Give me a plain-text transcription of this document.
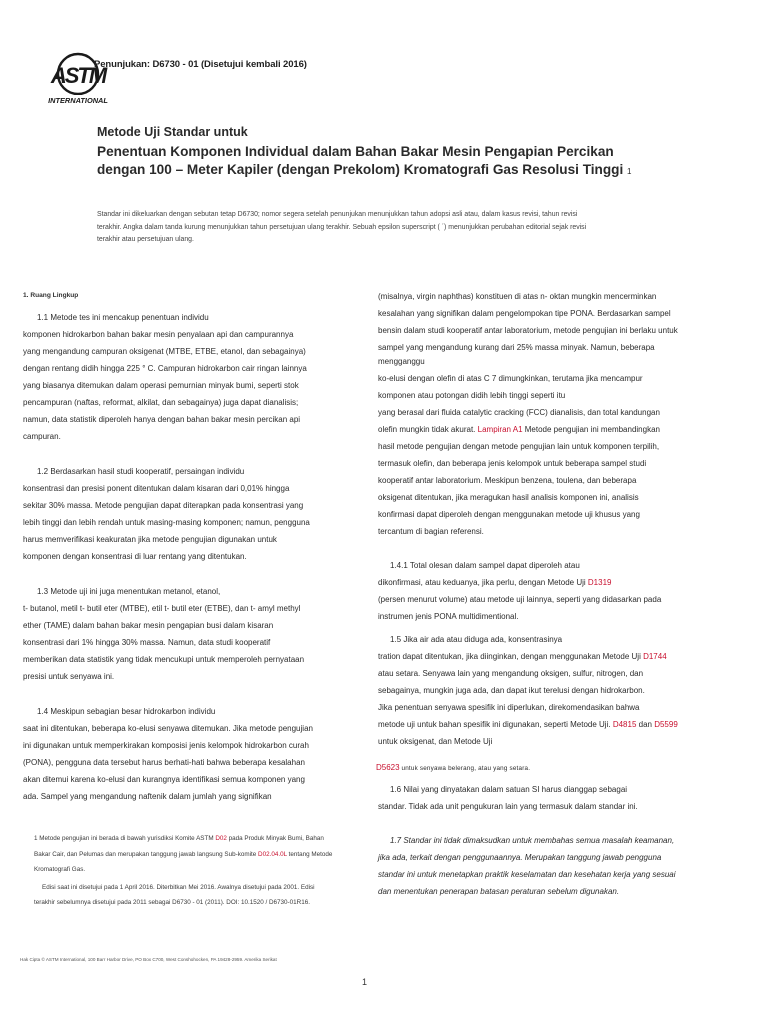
ASTM
INTERNATIONAL
Penunjukan: D6730 - 01 (Disetujui kembali 2016)
Metode Uji Standar untuk
Penentuan Komponen Individual dalam Bahan Bakar Mesin Pengapian Percikan
dengan 100 – Meter Kapiler (dengan Prekolom) Kromatografi Gas Resolusi Tinggi 1
Standar ini dikeluarkan dengan sebutan tetap D6730; nomor segera setelah penunjukan menunjukkan tahun adopsi asli atau, dalam kasus revisi, tahun revisi
terakhir. Angka dalam tanda kurung menunjukkan tahun persetujuan ulang terakhir. Sebuah epsilon superscript ( ´) menunjukkan perubahan editorial sejak revisi
terakhir atau persetujuan ulang.
1. Ruang Lingkup
1.1 Metode tes ini mencakup penentuan individu
komponen hidrokarbon bahan bakar mesin penyalaan api dan campurannya
yang mengandung campuran oksigenat (MTBE, ETBE, etanol, dan sebagainya)
dengan rentang didih hingga 225 ° C. Campuran hidrokarbon cair ringan lainnya
yang biasanya ditemukan dalam operasi pemurnian minyak bumi, seperti stok
pencampuran (naftas, reformat, alkilat, dan sebagainya) juga dapat dianalisis;
namun, data statistik diperoleh hanya dengan bahan bakar mesin percikan api
campuran.
1.2 Berdasarkan hasil studi kooperatif, persaingan individu
konsentrasi dan presisi ponent ditentukan dalam kisaran dari 0,01% hingga
sekitar 30% massa. Metode pengujian dapat diterapkan pada konsentrasi yang
lebih tinggi dan lebih rendah untuk masing-masing komponen; namun, pengguna
harus memverifikasi keakuratan jika metode pengujian digunakan untuk
komponen dengan konsentrasi di luar rentang yang ditentukan.
1.3 Metode uji ini juga menentukan metanol, etanol,
t- butanol, metil t- butil eter (MTBE), etil t- butil eter (ETBE), dan t- amyl methyl
ether (TAME) dalam bahan bakar mesin pengapian busi dalam kisaran
konsentrasi dari 1% hingga 30% massa. Namun, data studi kooperatif
memberikan data statistik yang tidak mencukupi untuk memperoleh pernyataan
presisi untuk senyawa ini.
1.4 Meskipun sebagian besar hidrokarbon individu
saat ini ditentukan, beberapa ko-elusi senyawa ditemukan. Jika metode pengujian
ini digunakan untuk memperkirakan komposisi jenis kelompok hidrokarbon curah
(PONA), pengguna data tersebut harus berhati-hati bahwa beberapa kesalahan
akan ditemui karena ko-elusi dan kurangnya identifikasi semua komponen yang
ada. Sampel yang mengandung naftenik dalam jumlah yang signifikan
(misalnya, virgin naphthas) konstituen di atas n- oktan mungkin mencerminkan
kesalahan yang signifikan dalam pengelompokan tipe PONA. Berdasarkan sampel
bensin dalam studi kooperatif antar laboratorium, metode pengujian ini berlaku untuk
sampel yang mengandung kurang dari 25% massa minyak. Namun, beberapa
mengganggu
ko-elusi dengan olefin di atas C 7 dimungkinkan, terutama jika mencampur
komponen atau potongan didih lebih tinggi seperti itu
yang berasal dari fluida catalytic cracking (FCC) dianalisis, dan total kandungan
olefin mungkin tidak akurat. Lampiran A1 Metode pengujian ini membandingkan
hasil metode pengujian dengan metode pengujian lain untuk komponen terpilih,
termasuk olefin, dan beberapa jenis kelompok untuk beberapa sampel studi
kooperatif antar laboratorium. Meskipun benzena, toulena, dan beberapa
oksigenat ditentukan, jika meragukan hasil analisis komponen ini, analisis
konfirmasi dapat diperoleh dengan menggunakan metode uji khusus yang
tercantum di bagian referensi.
1.4.1 Total olesan dalam sampel dapat diperoleh atau
dikonfirmasi, atau keduanya, jika perlu, dengan Metode Uji D1319
(persen menurut volume) atau metode uji lainnya, seperti yang didasarkan pada
instrumen jenis PONA multidimentional.
1.5 Jika air ada atau diduga ada, konsentrasinya
tration dapat ditentukan, jika diinginkan, dengan menggunakan Metode Uji D1744
atau setara. Senyawa lain yang mengandung oksigen, sulfur, nitrogen, dan
sebagainya, mungkin juga ada, dan dapat ikut terelusi dengan hidrokarbon.
Jika penentuan senyawa spesifik ini diperlukan, direkomendasikan bahwa
metode uji untuk bahan spesifik ini digunakan, seperti Metode Uji. D4815 dan D5599
untuk oksigenat, dan Metode Uji
D5623 untuk senyawa belerang, atau yang setara.
1.6 Nilai yang dinyatakan dalam satuan SI harus dianggap sebagai
standar. Tidak ada unit pengukuran lain yang termasuk dalam standar ini.
1.7 Standar ini tidak dimaksudkan untuk membahas semua masalah keamanan,
jika ada, terkait dengan penggunaannya. Merupakan tanggung jawab pengguna
standar ini untuk menetapkan praktik keselamatan dan kesehatan kerja yang sesuai
dan menentukan penerapan batasan peraturan sebelum digunakan.
1 Metode pengujian ini berada di bawah yurisdiksi Komite ASTM D02 pada Produk Minyak Bumi, Bahan
Bakar Cair, dan Pelumas dan merupakan tanggung jawab langsung Sub-komite D02.04.0L tentang Metode
Kromatografi Gas.
Edisi saat ini disetujui pada 1 April 2016. Diterbitkan Mei 2016. Awalnya disetujui pada 2001. Edisi
terakhir sebelumnya disetujui pada 2011 sebagai D6730 - 01 (2011). DOI: 10.1520 / D6730-01R16.
Hak Cipta © ASTM International, 100 Barr Harbor Drive, PO Box C700, West Conshohocken, PA 19428-2959. Amerika Serikat
1
